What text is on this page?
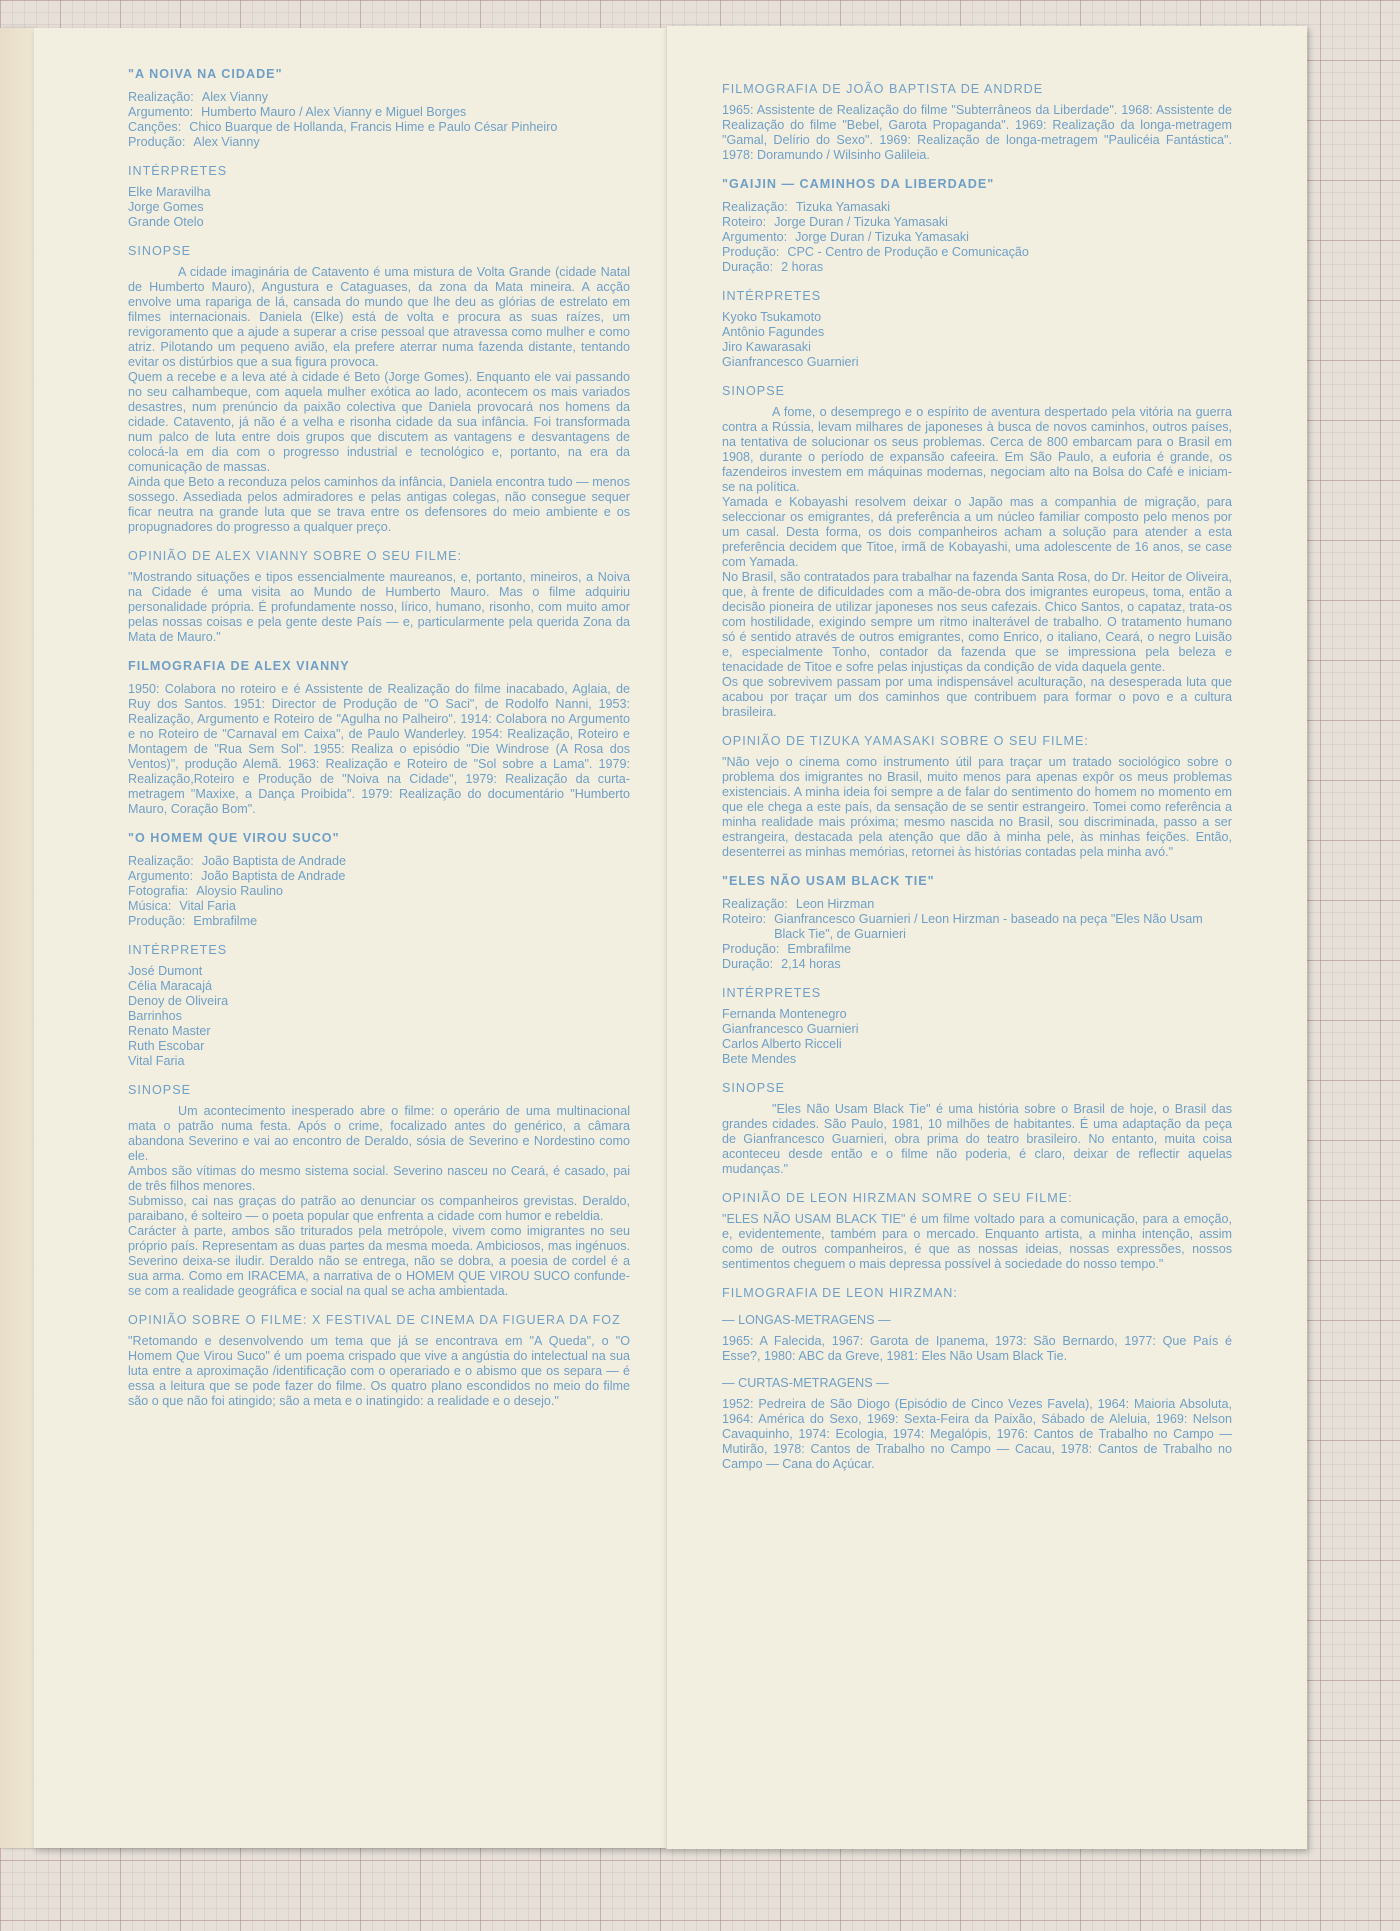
"A NOIVA NA CIDADE"
Realização: Alex Vianny
Argumento: Humberto Mauro / Alex Vianny e Miguel Borges
Canções: Chico Buarque de Hollanda, Francis Hime e Paulo César Pinheiro
Produção: Alex Vianny
INTÉRPRETES
Elke Maravilha
Jorge Gomes
Grande Otelo
SINOPSE

A cidade imaginária de Catavento é uma mistura de Volta Grande (cidade Natal de Humberto Mauro), Angustura e Cataguases, da zona da Mata mineira. A acção envolve uma rapariga de lá, cansada do mundo que lhe deu as glórias de estrelato em filmes internacionais. Daniela (Elke) está de volta e procura as suas raízes, um revigoramento que a ajude a superar a crise pessoal que atravessa como mulher e como atriz. Pilotando um pequeno avião, ela prefere aterrar numa fazenda distante, tentando evitar os distúrbios que a sua figura provoca.

Quem a recebe e a leva até à cidade é Beto (Jorge Gomes). Enquanto ele vai passando no seu calhambeque, com aquela mulher exótica ao lado, acontecem os mais variados desastres, num prenúncio da paixão colectiva que Daniela provocará nos homens da cidade. Catavento, já não é a velha e risonha cidade da sua infância. Foi transformada num palco de luta entre dois grupos que discutem as vantagens e desvantagens de colocá-la em dia com o progresso industrial e tecnológico e, portanto, na era da comunicação de massas.

Ainda que Beto a reconduza pelos caminhos da infância, Daniela encontra tudo — menos sossego. Assediada pelos admiradores e pelas antigas colegas, não consegue sequer ficar neutra na grande luta que se trava entre os defensores do meio ambiente e os propugnadores do progresso a qualquer preço.

OPINIÃO DE ALEX VIANNY SOBRE O SEU FILME:

"Mostrando situações e tipos essencialmente maureanos, e, portanto, mineiros, a Noiva na Cidade é uma visita ao Mundo de Humberto Mauro. Mas o filme adquiriu personalidade própria. É profundamente nosso, lírico, humano, risonho, com muito amor pelas nossas coisas e pela gente deste País — e, particularmente pela querida Zona da Mata de Mauro."

FILMOGRAFIA DE ALEX VIANNY

1950: Colabora no roteiro e é Assistente de Realização do filme inacabado, Aglaia, de Ruy dos Santos. 1951: Director de Produção de "O Saci", de Rodolfo Nanni, 1953: Realização, Argumento e Roteiro de "Agulha no Palheiro". 1914: Colabora no Argumento e no Roteiro de "Carnaval em Caixa", de Paulo Wanderley. 1954: Realização, Roteiro e Montagem de "Rua Sem Sol". 1955: Realiza o episódio "Die Windrose (A Rosa dos Ventos)", produção Alemã. 1963: Realização e Roteiro de "Sol sobre a Lama". 1979: Realização,Roteiro e Produção de "Noiva na Cidade", 1979: Realização da curta-metragem "Maxixe, a Dança Proibida". 1979: Realização do documentário "Humberto Mauro, Coração Bom".

"O HOMEM QUE VIROU SUCO"
Realização: João Baptista de Andrade
Argumento: João Baptista de Andrade
Fotografia: Aloysio Raulino
Música: Vital Faria
Produção: Embrafilme
INTÉRPRETES
José Dumont
Célia Maracajá
Denoy de Oliveira
Barrinhos
Renato Master
Ruth Escobar
Vital Faria
SINOPSE

Um acontecimento inesperado abre o filme: o operário de uma multinacional mata o patrão numa festa. Após o crime, focalizado antes do genérico, a câmara abandona Severino e vai ao encontro de Deraldo, sósia de Severino e Nordestino como ele.

Ambos são vítimas do mesmo sistema social. Severino nasceu no Ceará, é casado, pai de três filhos menores.

Submisso, cai nas graças do patrão ao denunciar os companheiros grevistas. Deraldo, paraibano, é solteiro — o poeta popular que enfrenta a cidade com humor e rebeldia.

Carácter à parte, ambos são triturados pela metrópole, vivem como imigrantes no seu próprio país. Representam as duas partes da mesma moeda. Ambiciosos, mas ingénuos. Severino deixa-se iludir. Deraldo não se entrega, não se dobra, a poesia de cordel é a sua arma. Como em IRACEMA, a narrativa de o HOMEM QUE VIROU SUCO confunde-se com a realidade geográfica e social na qual se acha ambientada.

OPINIÃO SOBRE O FILME: X FESTIVAL DE CINEMA DA FIGUERA DA FOZ

"Retomando e desenvolvendo um tema que já se encontrava em "A Queda", o "O Homem Que Virou Suco" é um poema crispado que vive a angústia do intelectual na sua luta entre a aproximação /identificação com o operariado e o abismo que os separa — é essa a leitura que se pode fazer do filme. Os quatro plano escondidos no meio do filme são o que não foi atingido; são a meta e o inatingido: a realidade e o desejo."

FILMOGRAFIA DE JOÃO BAPTISTA DE ANDRDE

1965: Assistente de Realização do filme "Subterrâneos da Liberdade". 1968: Assistente de Realização do filme "Bebel, Garota Propaganda". 1969: Realização da longa-metragem "Gamal, Delírio do Sexo". 1969: Realização de longa-metragem "Paulicéia Fantástica". 1978: Doramundo / Wilsinho Galileia.

"GAIJIN — CAMINHOS DA LIBERDADE"
Realização: Tizuka Yamasaki
Roteiro: Jorge Duran / Tizuka Yamasaki
Argumento: Jorge Duran / Tizuka Yamasaki
Produção: CPC - Centro de Produção e Comunicação
Duração: 2 horas
INTÉRPRETES
Kyoko Tsukamoto
Antônio Fagundes
Jiro Kawarasaki
Gianfrancesco Guarnieri
SINOPSE

A fome, o desemprego e o espírito de aventura despertado pela vitória na guerra contra a Rússia, levam milhares de japoneses à busca de novos caminhos, outros países, na tentativa de solucionar os seus problemas. Cerca de 800 embarcam para o Brasil em 1908, durante o período de expansão cafeeira. Em São Paulo, a euforia é grande, os fazendeiros investem em máquinas modernas, negociam alto na Bolsa do Café e iniciam-se na política.

Yamada e Kobayashi resolvem deixar o Japão mas a companhia de migração, para seleccionar os emigrantes, dá preferência a um núcleo familiar composto pelo menos por um casal. Desta forma, os dois companheiros acham a solução para atender a esta preferência decidem que Titoe, irmã de Kobayashi, uma adolescente de 16 anos, se case com Yamada.

No Brasil, são contratados para trabalhar na fazenda Santa Rosa, do Dr. Heitor de Oliveira, que, à frente de dificuldades com a mão-de-obra dos imigrantes europeus, toma, então a decisão pioneira de utilizar japoneses nos seus cafezais. Chico Santos, o capataz, trata-os com hostilidade, exigindo sempre um ritmo inalterável de trabalho. O tratamento humano só é sentido através de outros emigrantes, como Enrico, o italiano, Ceará, o negro Luisão e, especialmente Tonho, contador da fazenda que se impressiona pela beleza e tenacidade de Titoe e sofre pelas injustiças da condição de vida daquela gente.

Os que sobrevivem passam por uma indispensável aculturação, na desesperada luta que acabou por traçar um dos caminhos que contribuem para formar o povo e a cultura brasileira.

OPINIÃO DE TIZUKA YAMASAKI SOBRE O SEU FILME:

"Não vejo o cinema como instrumento útil para traçar um tratado sociológico sobre o problema dos imigrantes no Brasil, muito menos para apenas expôr os meus problemas existenciais. A minha ideia foi sempre a de falar do sentimento do homem no momento em que ele chega a este país, da sensação de se sentir estrangeiro. Tomei como referência a minha realidade mais próxima; mesmo nascida no Brasil, sou discriminada, passo a ser estrangeira, destacada pela atenção que dão à minha pele, às minhas feições. Então, desenterrei as minhas memórias, retornei às histórias contadas pela minha avó."

"ELES NÃO USAM BLACK TIE"
Realização: Leon Hirzman
Roteiro: Gianfrancesco Guarnieri / Leon Hirzman - baseado na peça "Eles Não Usam Black Tie", de Guarnieri
Produção: Embrafilme
Duração: 2,14 horas
INTÉRPRETES
Fernanda Montenegro
Gianfrancesco Guarnieri
Carlos Alberto Ricceli
Bete Mendes
SINOPSE

"Eles Não Usam Black Tie" é uma história sobre o Brasil de hoje, o Brasil das grandes cidades. São Paulo, 1981, 10 milhões de habitantes. É uma adaptação da peça de Gianfrancesco Guarnieri, obra prima do teatro brasileiro. No entanto, muita coisa aconteceu desde então e o filme não poderia, é claro, deixar de reflectir aquelas mudanças."

OPINIÃO DE LEON HIRZMAN SOMRE O SEU FILME:

"ELES NÃO USAM BLACK TIE" é um filme voltado para a comunicação, para a emoção, e, evidentemente, também para o mercado. Enquanto artista, a minha intenção, assim como de outros companheiros, é que as nossas ideias, nossas expressões, nossos sentimentos cheguem o mais depressa possível à sociedade do nosso tempo."

FILMOGRAFIA DE LEON HIRZMAN:
— LONGAS-METRAGENS —

1965: A Falecida, 1967: Garota de Ipanema, 1973: São Bernardo, 1977: Que País é Esse?, 1980: ABC da Greve, 1981: Eles Não Usam Black Tie.

— CURTAS-METRAGENS —

1952: Pedreira de São Diogo (Episódio de Cinco Vezes Favela), 1964: Maioria Absoluta, 1964: América do Sexo, 1969: Sexta-Feira da Paixão, Sábado de Aleluia, 1969: Nelson Cavaquinho, 1974: Ecologia, 1974: Megalópis, 1976: Cantos de Trabalho no Campo — Mutirão, 1978: Cantos de Trabalho no Campo — Cacau, 1978: Cantos de Trabalho no Campo — Cana do Açúcar.
